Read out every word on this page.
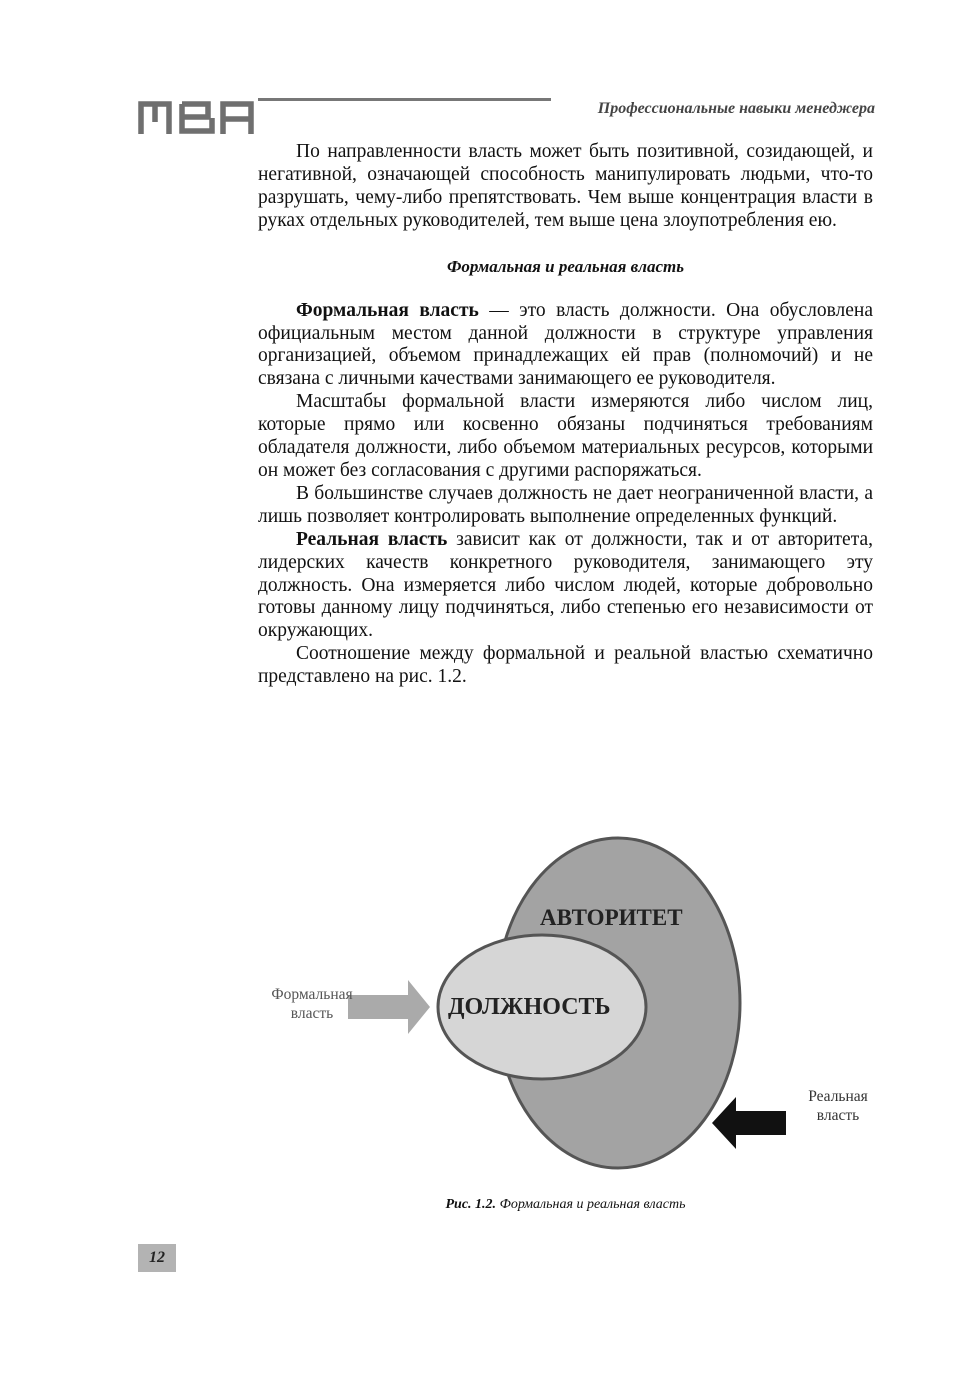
Профессиональные навыки менеджера

По направленности власть может быть позитивной, созидающей, и негативной, означающей способность манипулировать людьми, что-то разрушать, чему-либо препятствовать. Чем выше концентрация власти в руках отдельных руководителей, тем выше цена злоупотребления ею.

Формальная и реальная власть

Формальная власть — это власть должности. Она обусловлена официальным местом данной должности в структуре управления организацией, объемом принадлежащих ей прав (полномочий) и не связана с личными качествами занимающего ее руководителя.

Масштабы формальной власти измеряются либо числом лиц, которые прямо или косвенно обязаны подчиняться требованиям обладателя должности, либо объемом материальных ресурсов, которыми он может без согласования с другими распоряжаться.

В большинстве случаев должность не дает неограниченной власти, а лишь позволяет контролировать выполнение определенных функций.

Реальная власть зависит как от должности, так и от авторитета, лидерских качеств конкретного руководителя, занимающего эту должность. Она измеряется либо числом людей, которые добровольно готовы данному лицу подчиняться, либо степенью его независимости от окружающих.

Соотношение между формальной и реальной властью схематично представлено на рис. 1.2.

АВТОРИТЕТ
ДОЛЖНОСТЬ
Формальная
власть
Реальная
власть
Рис. 1.2. Формальная и реальная власть
12
